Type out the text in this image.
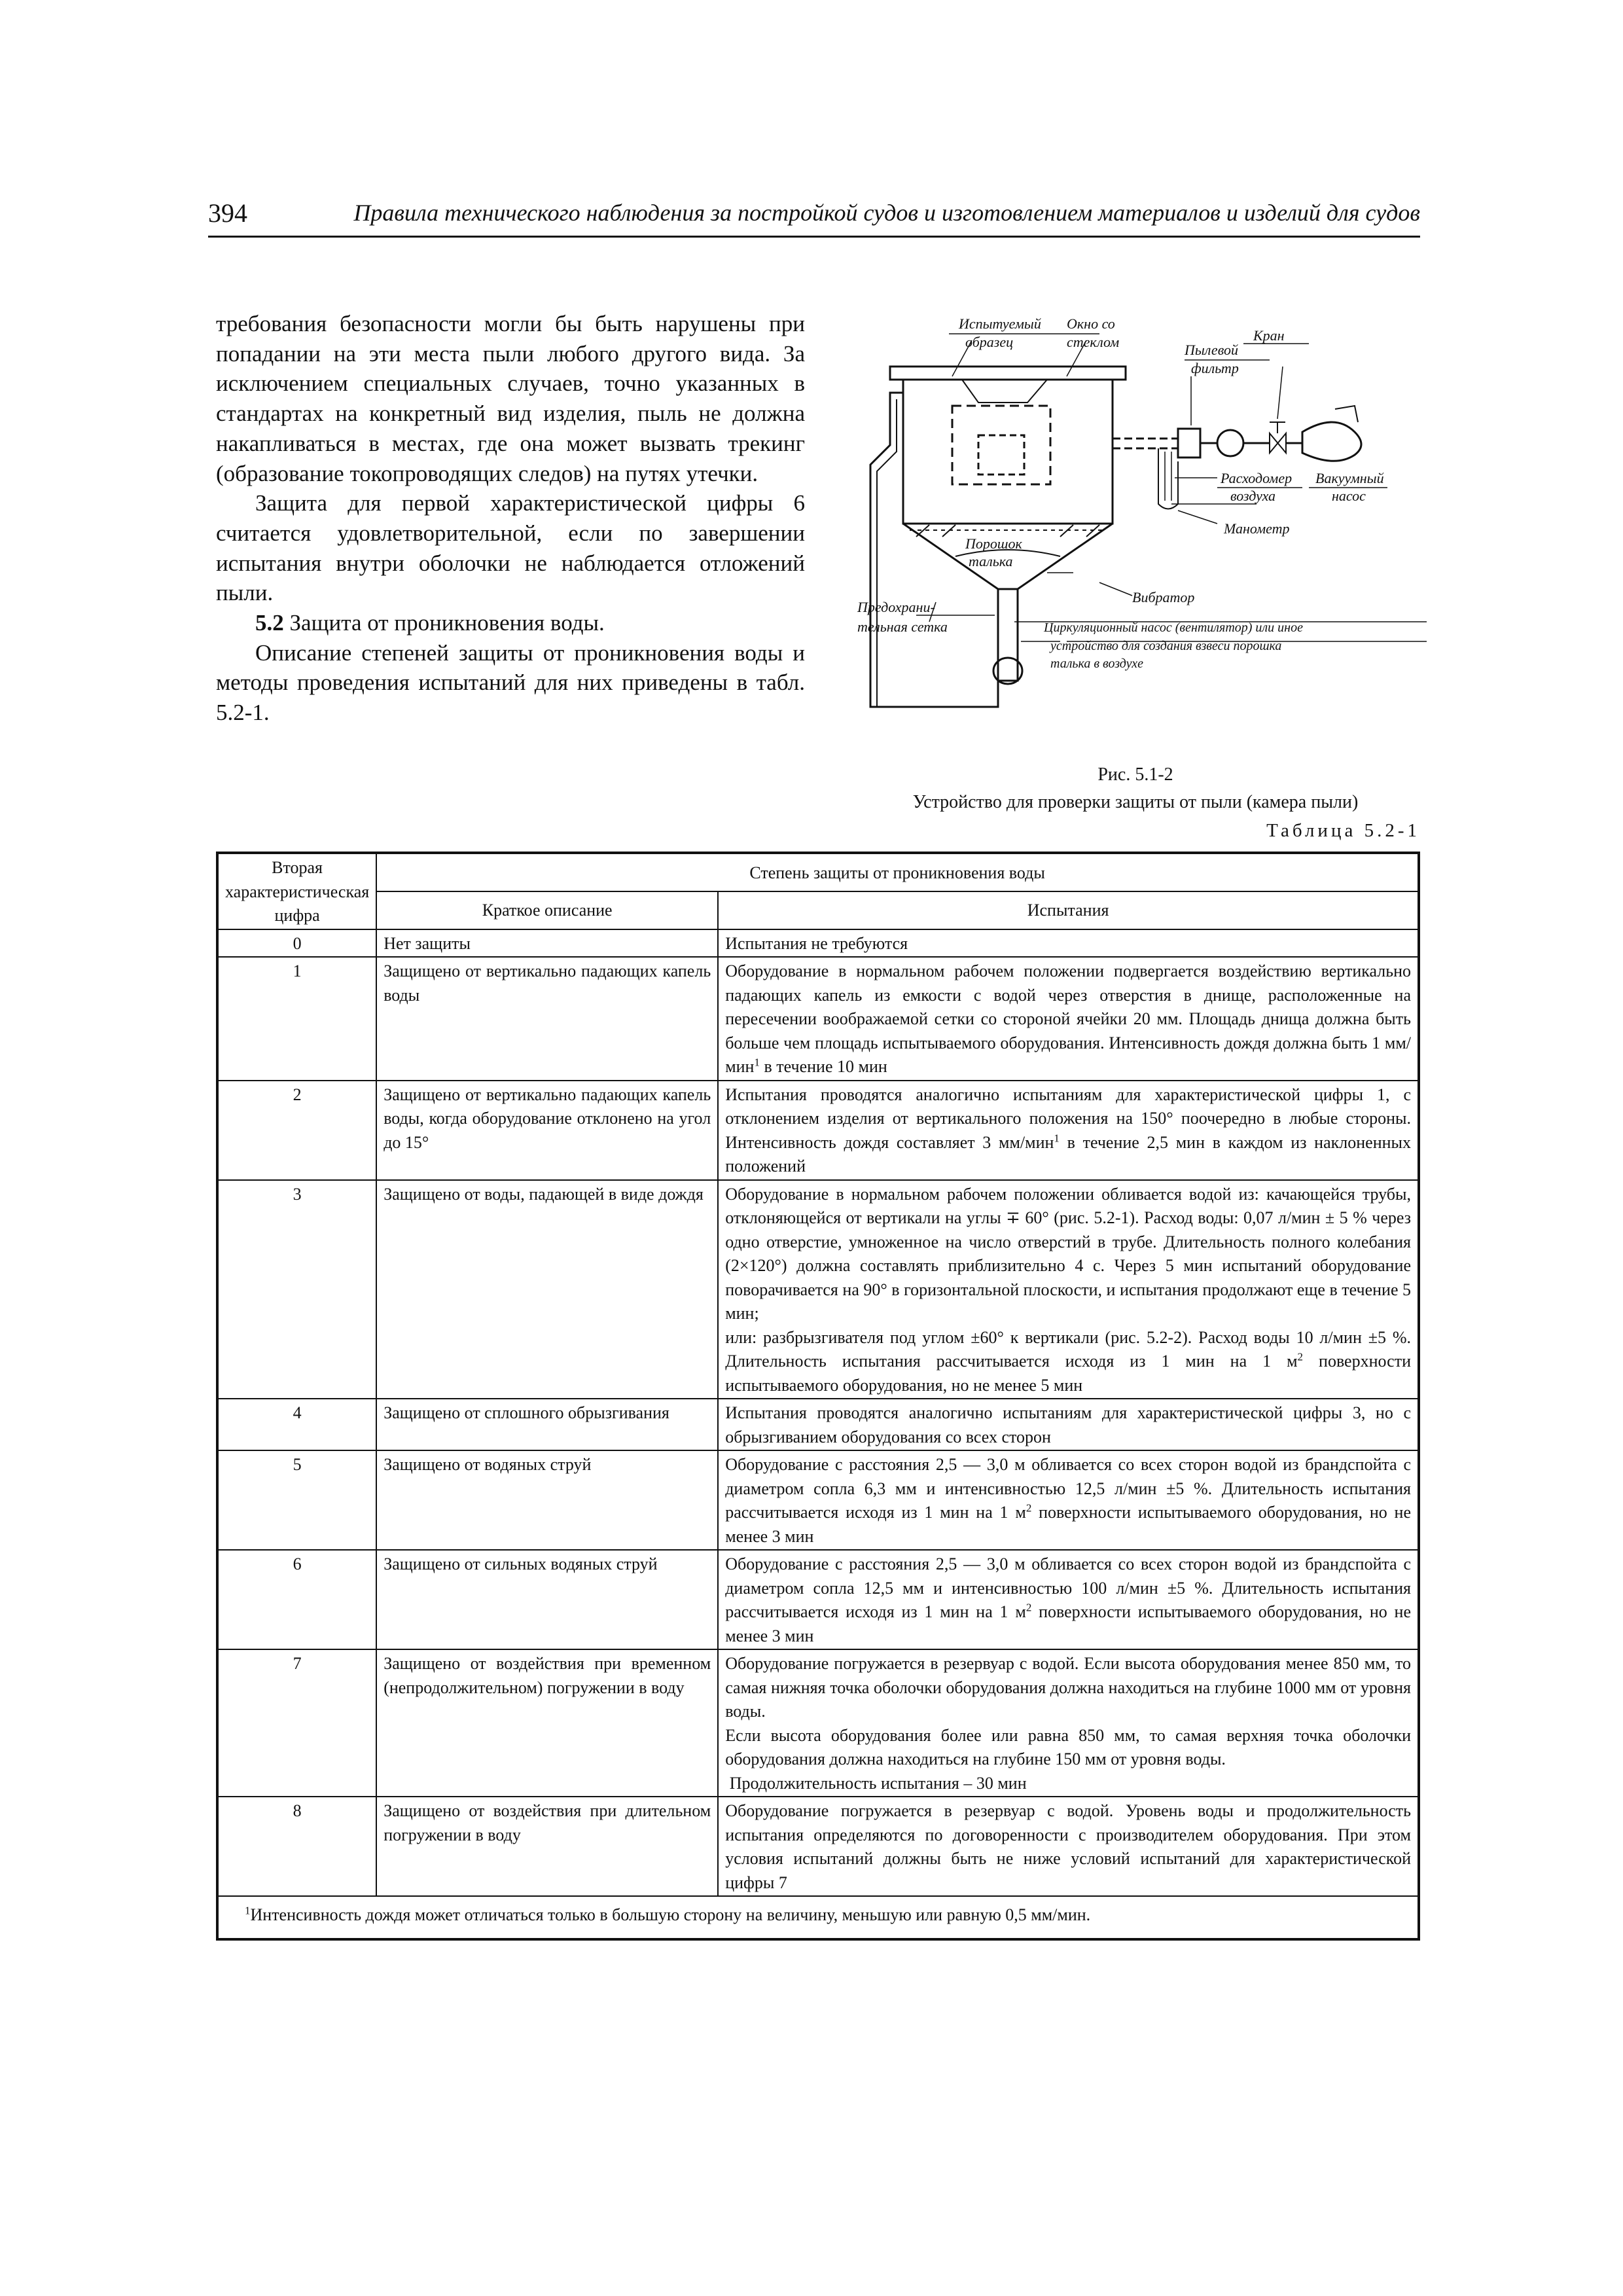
394	Правила технического наблюдения за постройкой судов и изготовлением материалов и изделий для судов

требования безопасности могли бы быть нарушены при попадании на эти места пыли любого другого вида. За исключением специальных случаев, точно указанных в стандартах на конкретный вид изделия, пыль не должна накапливаться в местах, где она может вызвать трекинг (образование токопроводящих следов) на путях утечки.

Защита для первой характеристической цифры 6 считается удовлетворительной, если по завершении испытания внутри оболочки не наблюдается отложений пыли.

5.2 Защита от проникновения воды.

Описание степеней защиты от проникновения воды и методы проведения испытаний для них приведены в табл. 5.2-1.

Испытуемый
образец
Окно со
стеклом	Пылевой
фильтр
Кран
Расходомер
воздуха
Вакуумный
насос
Манометр
Порошок
талька
Вибратор
Предохрани-
тельная сетка	Циркуляционный насос (вентилятор) или иное
устройство для создания взвеси порошка
талька в воздухе
Рис. 5.1-2
Устройство для проверки защиты от пыли (камера пыли)
Таблица 5.2-1
Вторая характеристическая цифра	Степень защиты от проникновения воды	
	Краткое описание	Испытания
0	Нет защиты	Испытания не требуются
1	Защищено от вертикально падающих капель воды	Оборудование в нормальном рабочем положении подвергается воздействию вертикально падающих капель из емкости с водой через отверстия в днище, расположенные на пересечении воображаемой сетки со стороной ячейки 20 мм. Площадь днища должна быть больше чем площадь испытываемого оборудования. Интенсивность дождя должна быть 1 мм/мин$^1$ в течение 10 мин
2	Защищено от вертикально падающих капель воды, когда оборудование отклонено на угол до 15°	Испытания проводятся аналогично испытаниям для характеристической цифры 1, с отклонением изделия от вертикального положения на 150° поочередно в любые стороны. Интенсивность дождя составляет 3 мм/мин$^1$ в течение 2,5 мин в каждом из наклоненных положений
3	Защищено от воды, падающей в виде дождя	Оборудование в нормальном рабочем положении обливается водой из: качающейся трубы, отклоняющейся от вертикали на углы ∓ 60° (рис. 5.2-1). Расход воды: 0,07 л/мин ± 5 % через одно отверстие, умноженное на число отверстий в трубе. Длительность полного колебания (2×120°) должна составлять приблизительно 4 с. Через 5 мин испытаний оборудование поворачивается на 90° в горизонтальной плоскости, и испытания продолжают еще в течение 5 мин;
или: разбрызгивателя под углом ±60° к вертикали (рис. 5.2-2). Расход воды 10 л/мин ±5 %. Длительность испытания рассчитывается исходя из 1 мин на 1 $м^2$ поверхности испытываемого оборудования, но не менее 5 мин
4	Защищено от сплошного обрызгивания	Испытания проводятся аналогично испытаниям для характеристической цифры 3, но с обрызгиванием оборудования со всех сторон
5	Защищено от водяных струй	Оборудование с расстояния 2,5 — 3,0 м обливается со всех сторон водой из брандспойта с диаметром сопла 6,3 мм и интенсивностью 12,5 л/мин ±5 %. Длительность испытания рассчитывается исходя из 1 мин на 1 $м^2$ поверхности испытываемого оборудования, но не менее 3 мин
6	Защищено от сильных водяных струй	Оборудование с расстояния 2,5 — 3,0 м обливается со всех сторон водой из брандспойта с диаметром сопла 12,5 мм и интенсивностью 100 л/мин ±5 %. Длительность испытания рассчитывается исходя из 1 мин на 1 $м^2$ поверхности испытываемого оборудования, но не менее 3 мин
7	Защищено от воздействия при временном (непродолжительном) погружении в воду	Оборудование погружается в резервуар с водой. Если высота оборудования менее 850 мм, то самая нижняя точка оболочки оборудования должна находиться на глубине 1000 мм от уровня воды.
Если высота оборудования более или равна 850 мм, то самая верхняя точка оболочки оборудования должна находиться на глубине 150 мм от уровня воды.
Продолжительность испытания – 30 мин
8	Защищено от воздействия при длительном погружении в воду	Оборудование погружается в резервуар с водой. Уровень воды и продолжительность испытания определяются по договоренности с производителем оборудования. При этом условия испытаний должны быть не ниже условий испытаний для характеристической цифры 7
$^1$Интенсивность дождя может отличаться только в большую сторону на величину, меньшую или равную 0,5 мм/мин.		
